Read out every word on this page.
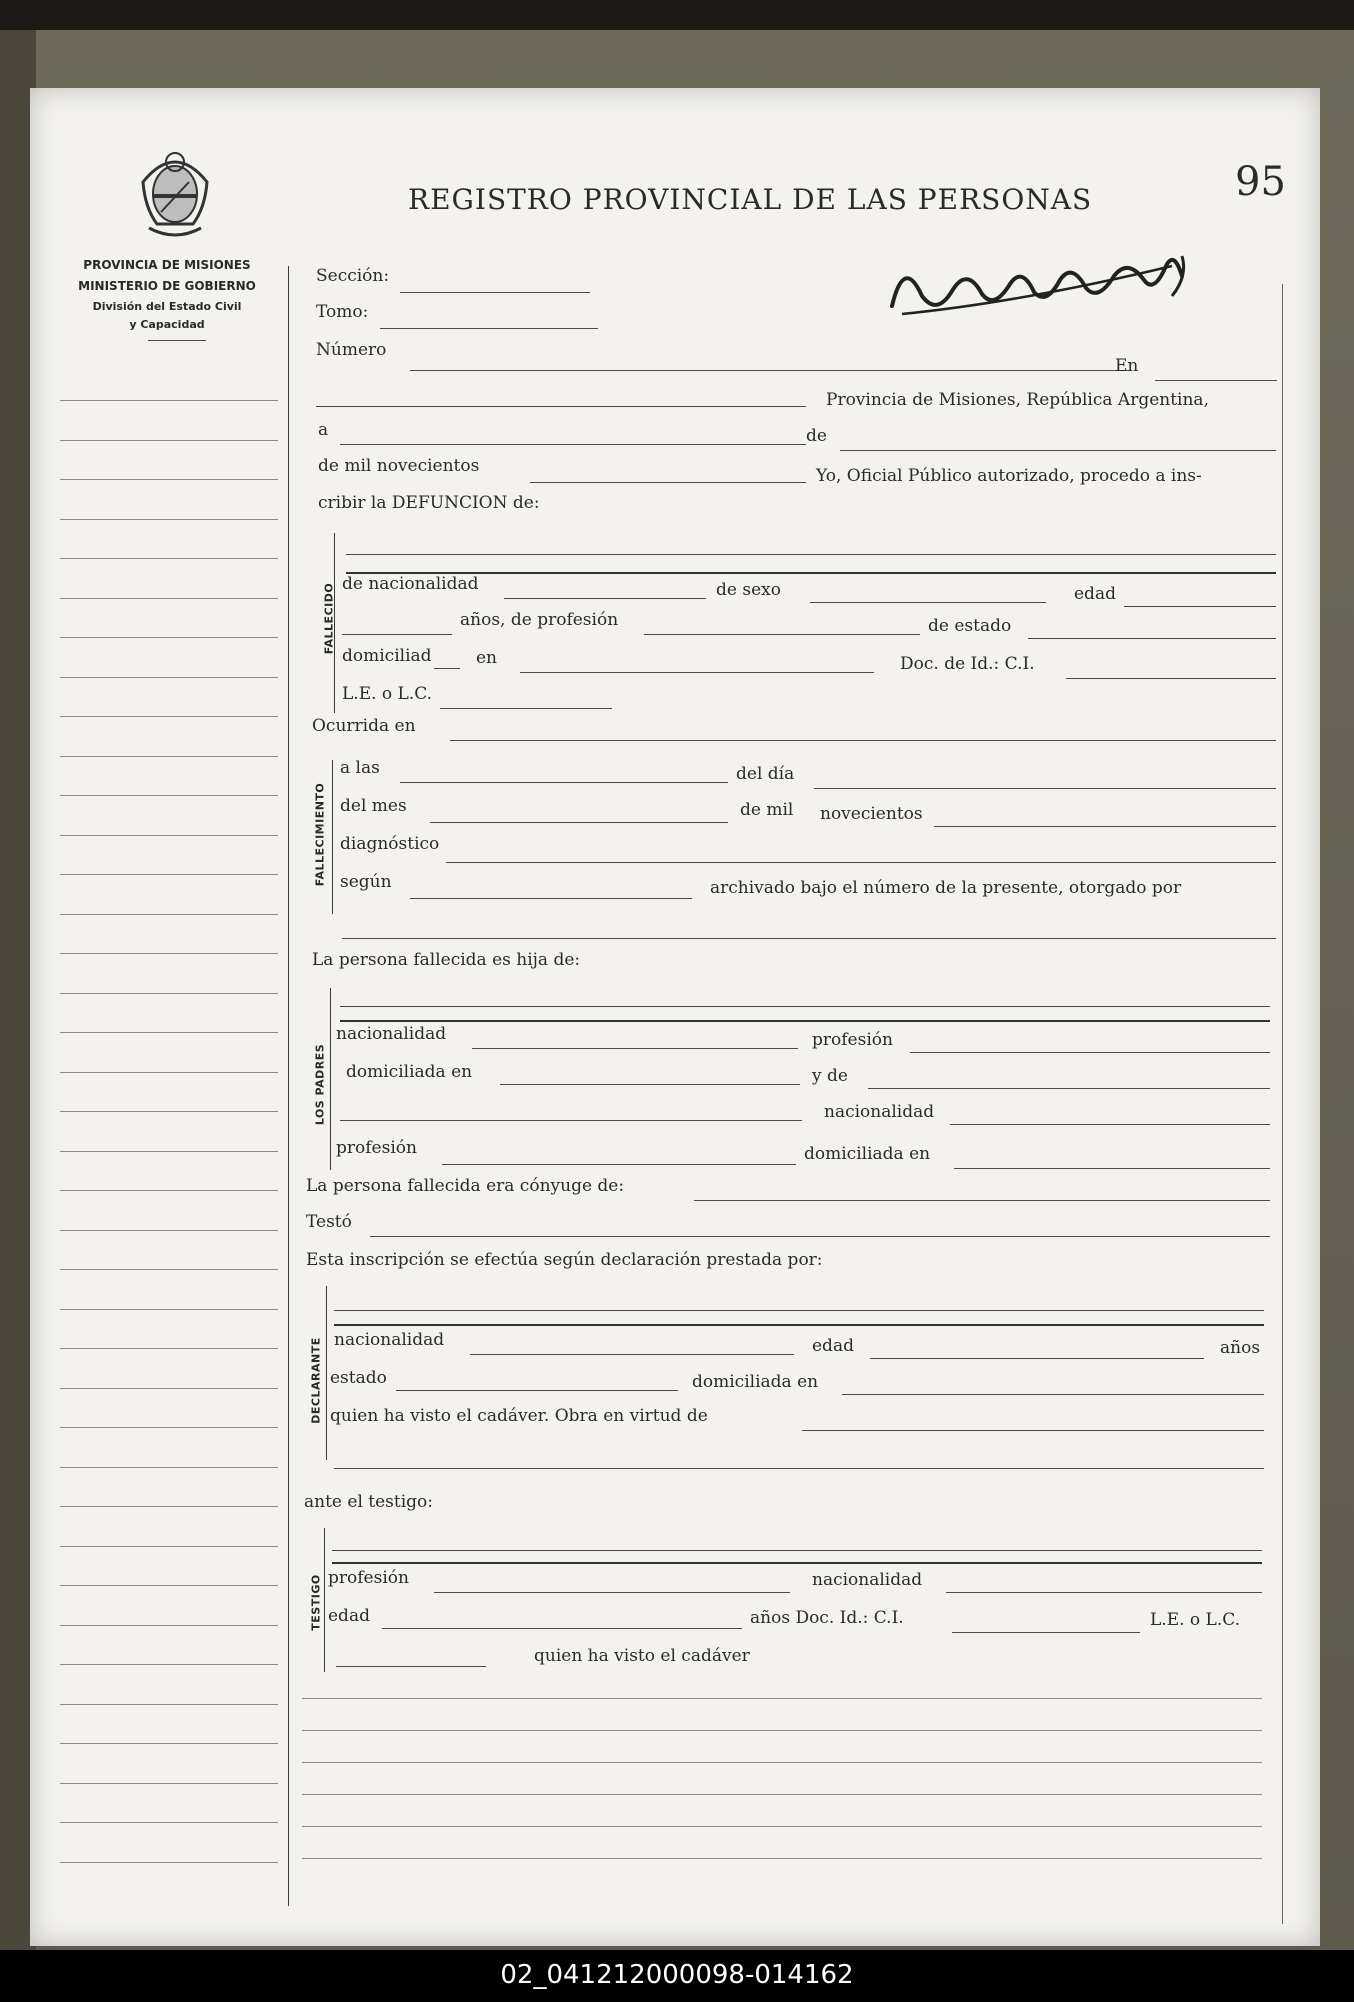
PROVINCIA DE MISIONES
MINISTERIO DE GOBIERNO
División del Estado Civil
y Capacidad
REGISTRO PROVINCIAL DE LAS PERSONAS	95
Sección:
Tomo:
Número
En
Provincia de Misiones, República Argentina,
a	de
de mil novecientos	Yo, Oficial Público autorizado, procedo a ins-
cribir la DEFUNCION de:
FALLECIDO de nacionalidad	de sexo	edad
años, de profesión	de estado
domiciliad	en	Doc. de Id.: C.I.
L.E. o L.C.
Ocurrida en
FALLECIMIENTO
a las	del día
del mes	de mil novecientos
diagnóstico
según	archivado bajo el número de la presente, otorgado por
La persona fallecida es hija de:
LOS PADRES
nacionalidad	profesión
domiciliada en	y de
nacionalidad
profesión	domiciliada en
La persona fallecida era cónyuge de:
Testó
Esta inscripción se efectúa según declaración prestada por:
DECLARANTE nacionalidad	edad	años
estado	domiciliada en
quien ha visto el cadáver. Obra en virtud de
ante el testigo:
TESTIGO profesión	nacionalidad
edad	años Doc. Id.: C.I.	L.E. o L.C.
quien ha visto el cadáver
02_041212000098-014162
